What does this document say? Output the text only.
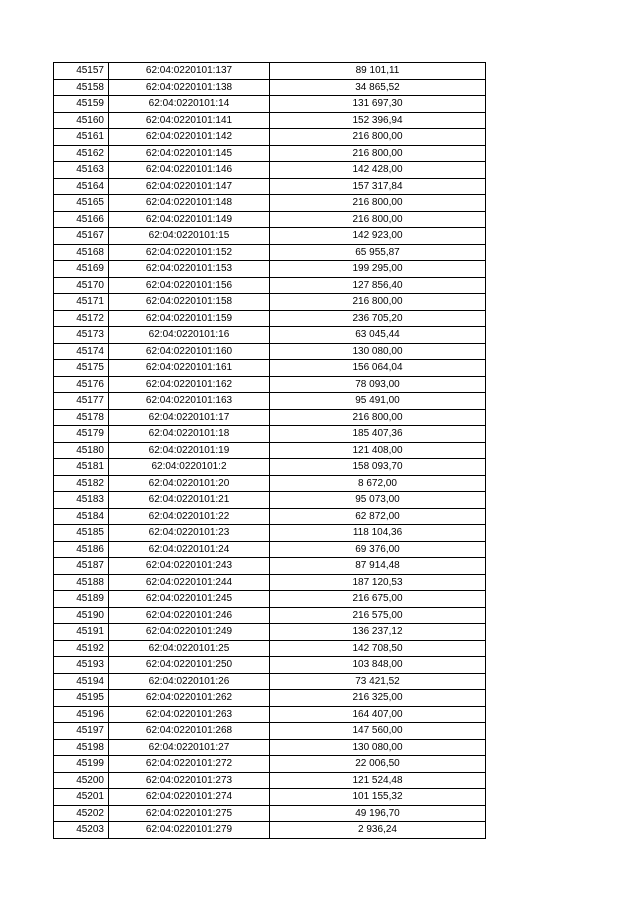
45157	62:04:0220101:137	89 101,11
45158	62:04:0220101:138	34 865,52
45159	62:04:0220101:14	131 697,30
45160	62:04:0220101:141	152 396,94
45161	62:04:0220101:142	216 800,00
45162	62:04:0220101:145	216 800,00
45163	62:04:0220101:146	142 428,00
45164	62:04:0220101:147	157 317,84
45165	62:04:0220101:148	216 800,00
45166	62:04:0220101:149	216 800,00
45167	62:04:0220101:15	142 923,00
45168	62:04:0220101:152	65 955,87
45169	62:04:0220101:153	199 295,00
45170	62:04:0220101:156	127 856,40
45171	62:04:0220101:158	216 800,00
45172	62:04:0220101:159	236 705,20
45173	62:04:0220101:16	63 045,44
45174	62:04:0220101:160	130 080,00
45175	62:04:0220101:161	156 064,04
45176	62:04:0220101:162	78 093,00
45177	62:04:0220101:163	95 491,00
45178	62:04:0220101:17	216 800,00
45179	62:04:0220101:18	185 407,36
45180	62:04:0220101:19	121 408,00
45181	62:04:0220101:2	158 093,70
45182	62:04:0220101:20	8 672,00
45183	62:04:0220101:21	95 073,00
45184	62:04:0220101:22	62 872,00
45185	62:04:0220101:23	118 104,36
45186	62:04:0220101:24	69 376,00
45187	62:04:0220101:243	87 914,48
45188	62:04:0220101:244	187 120,53
45189	62:04:0220101:245	216 675,00
45190	62:04:0220101:246	216 575,00
45191	62:04:0220101:249	136 237,12
45192	62:04:0220101:25	142 708,50
45193	62:04:0220101:250	103 848,00
45194	62:04:0220101:26	73 421,52
45195	62:04:0220101:262	216 325,00
45196	62:04:0220101:263	164 407,00
45197	62:04:0220101:268	147 560,00
45198	62:04:0220101:27	130 080,00
45199	62:04:0220101:272	22 006,50
45200	62:04:0220101:273	121 524,48
45201	62:04:0220101:274	101 155,32
45202	62:04:0220101:275	49 196,70
45203	62:04:0220101:279	2 936,24
